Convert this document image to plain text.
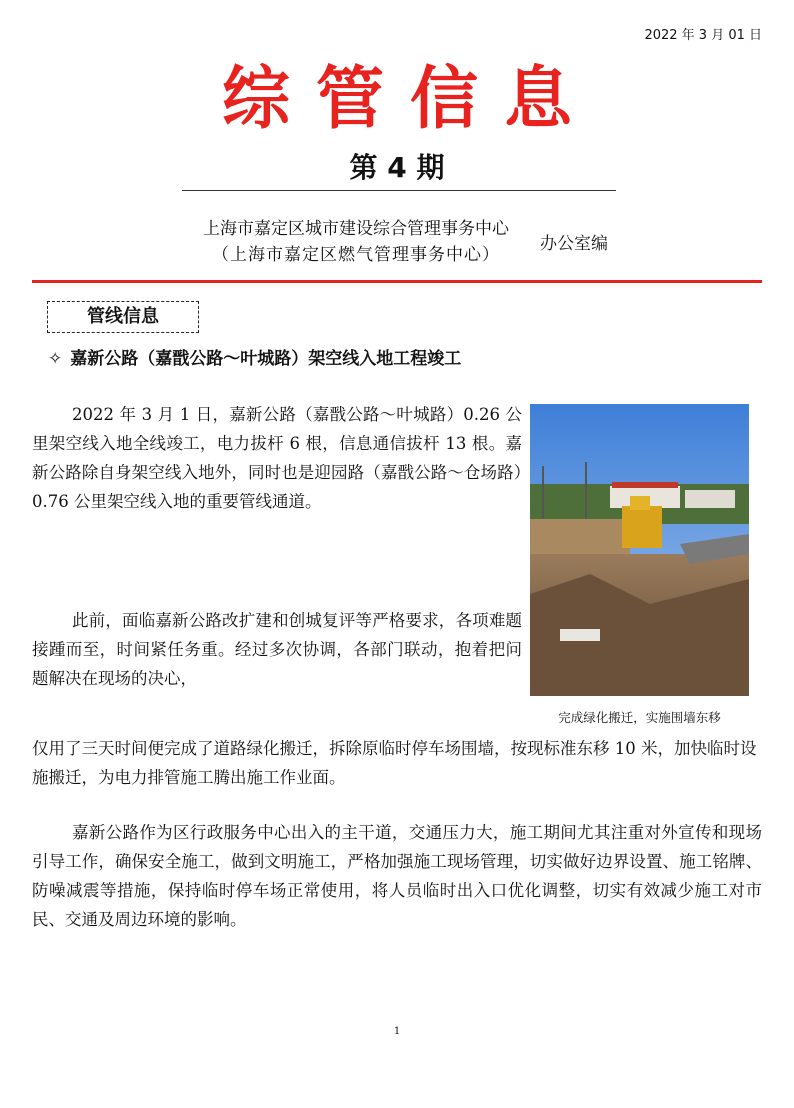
2022 年 3 月 01 日
综管信息
第 4 期
上海市嘉定区城市建设综合管理事务中心
（上海市嘉定区燃气管理事务中心）
办公室编
管线信息
✧ 嘉新公路（嘉戬公路～叶城路）架空线入地工程竣工
2022 年 3 月 1 日，嘉新公路（嘉戬公路～叶城路）0.26 公里架空线入地全线竣工，电力拔杆 6 根，信息通信拔杆 13 根。嘉新公路除自身架空线入地外，同时也是迎园路（嘉戬公路～仓场路）0.76 公里架空线入地的重要管线通道。
此前，面临嘉新公路改扩建和创城复评等严格要求，各项难题接踵而至，时间紧任务重。经过多次协调，各部门联动，抱着把问题解决在现场的决心，
仅用了三天时间便完成了道路绿化搬迁，拆除原临时停车场围墙，按现标准东移 10 米，加快临时设施搬迁，为电力排管施工腾出施工作业面。
嘉新公路作为区行政服务中心出入的主干道，交通压力大，施工期间尤其注重对外宣传和现场引导工作，确保安全施工，做到文明施工，严格加强施工现场管理，切实做好边界设置、施工铭牌、防噪减震等措施，保持临时停车场正常使用，将人员临时出入口优化调整，切实有效减少施工对市民、交通及周边环境的影响。
完成绿化搬迁，实施围墙东移
1
